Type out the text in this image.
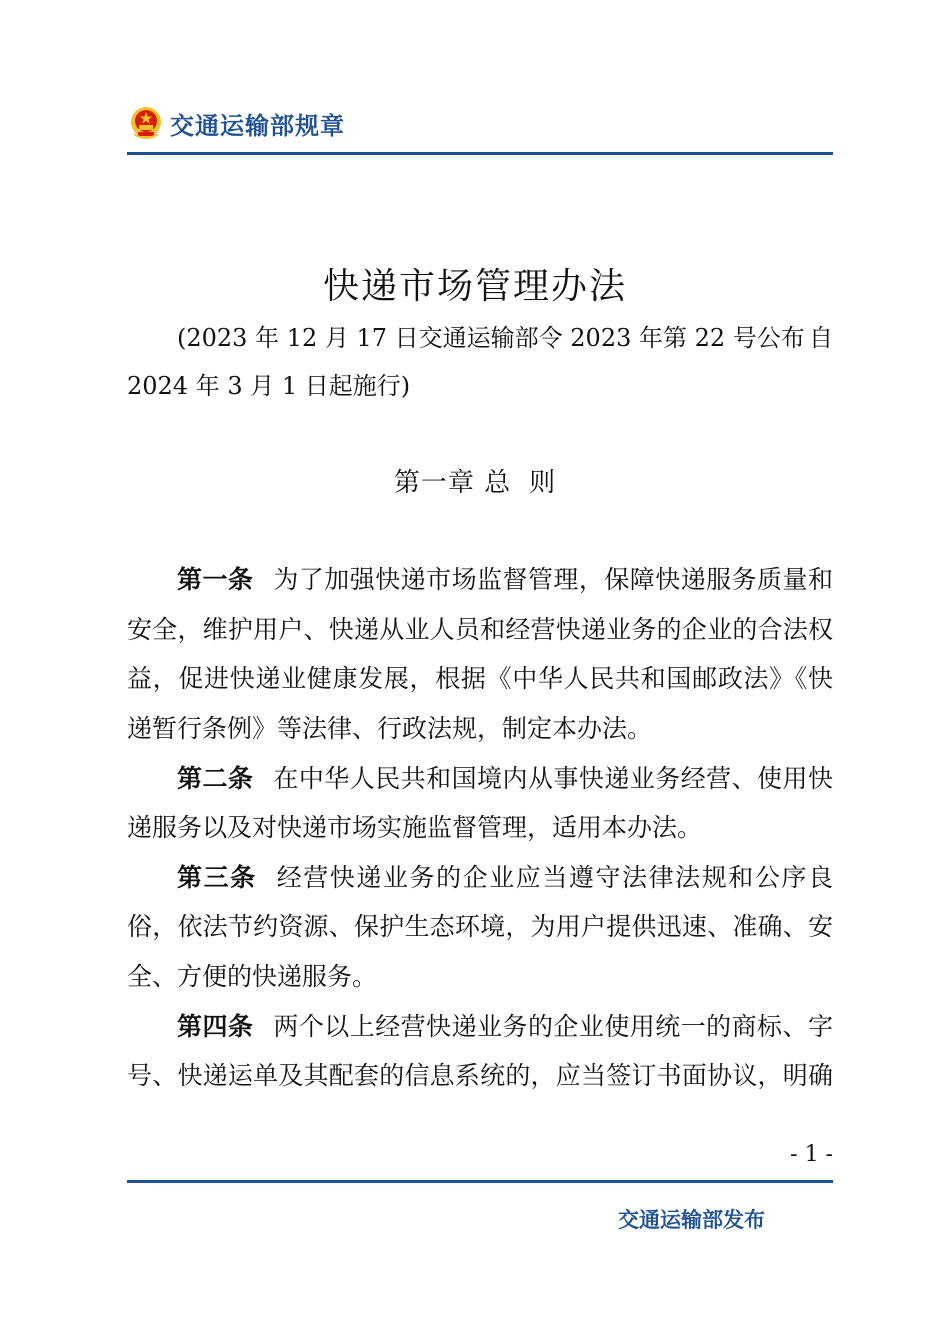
交通运输部规章
快递市场管理办法
(2023 年 12 月 17 日交通运输部令 2023 年第 22 号公布 自
2024 年 3 月 1 日起施行)
第一章 总 则
第一条 为了加强快递市场监督管理，保障快递服务质量和
安全，维护用户、快递从业人员和经营快递业务的企业的合法权
益，促进快递业健康发展，根据《中华人民共和国邮政法》《快
递暂行条例》等法律、行政法规，制定本办法。
第二条 在中华人民共和国境内从事快递业务经营、使用快
递服务以及对快递市场实施监督管理，适用本办法。
第三条 经营快递业务的企业应当遵守法律法规和公序良
俗，依法节约资源、保护生态环境，为用户提供迅速、准确、安
全、方便的快递服务。
第四条 两个以上经营快递业务的企业使用统一的商标、字
号、快递运单及其配套的信息系统的，应当签订书面协议，明确
- 1 -
交通运输部发布
